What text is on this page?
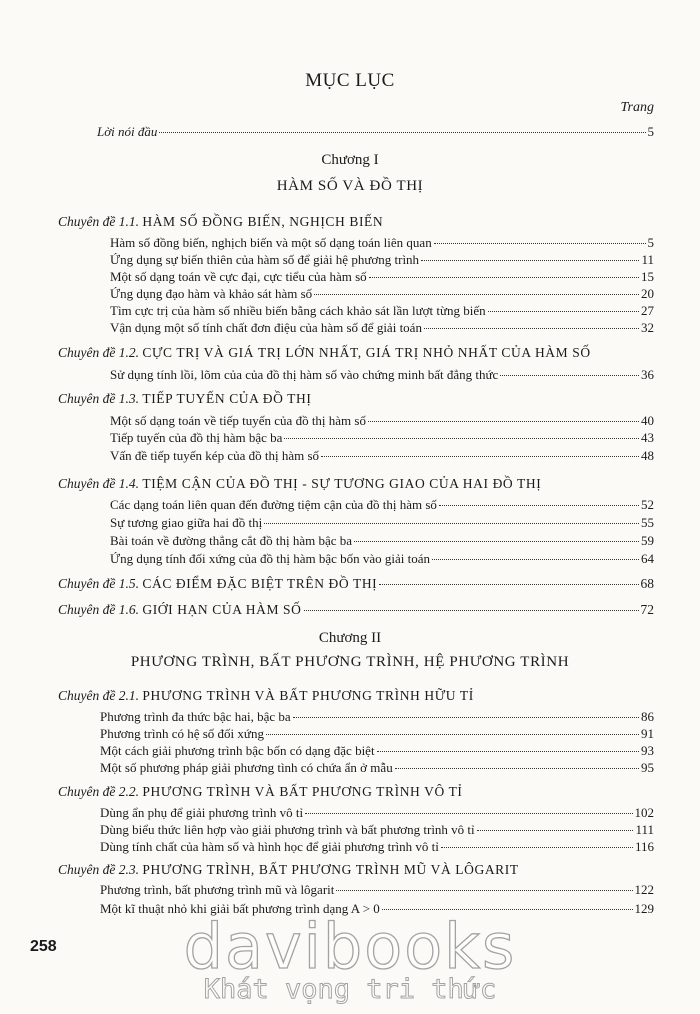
MỤC LỤC
Trang
Lời nói đầu	5
Chương I
HÀM SỐ VÀ ĐỒ THỊ
Chuyên đề 1.1. HÀM SỐ ĐỒNG BIẾN, NGHỊCH BIẾN
Hàm số đồng biến, nghịch biến và một số dạng toán liên quan	5
Ứng dụng sự biến thiên của hàm số để giải hệ phương trình	11
Một số dạng toán về cực đại, cực tiểu của hàm số	15
Ứng dụng đạo hàm và khảo sát hàm số	20
Tìm cực trị của hàm số nhiều biến bằng cách khảo sát lần lượt từng biến	27
Vận dụng một số tính chất đơn điệu của hàm số để giải toán	32
Chuyên đề 1.2. CỰC TRỊ VÀ GIÁ TRỊ LỚN NHẤT, GIÁ TRỊ NHỎ NHẤT CỦA HÀM SỐ
Sử dụng tính lồi, lõm của của đồ thị hàm số vào chứng minh bất đẳng thức	36
Chuyên đề 1.3. TIẾP TUYẾN CỦA ĐỒ THỊ
Một số dạng toán về tiếp tuyến của đồ thị hàm số	40
Tiếp tuyến của đồ thị hàm bậc ba	43
Vấn đề tiếp tuyến kép của đồ thị hàm số	48
Chuyên đề 1.4. TIỆM CẬN CỦA ĐỒ THỊ - SỰ TƯƠNG GIAO CỦA HAI ĐỒ THỊ
Các dạng toán liên quan đến đường tiệm cận của đồ thị hàm số	52
Sự tương giao giữa hai đồ thị	55
Bài toán về đường thẳng cắt đồ thị hàm bậc ba	59
Ứng dụng tính đối xứng của đồ thị hàm bậc bốn vào giải toán	64
Chuyên đề 1.5. CÁC ĐIỂM ĐẶC BIỆT TRÊN ĐỒ THỊ	68
Chuyên đề 1.6. GIỚI HẠN CỦA HÀM SỐ	72
Chương II
PHƯƠNG TRÌNH, BẤT PHƯƠNG TRÌNH, HỆ PHƯƠNG TRÌNH
Chuyên đề 2.1. PHƯƠNG TRÌNH VÀ BẤT PHƯƠNG TRÌNH HỮU TỈ
Phương trình đa thức bậc hai, bậc ba	86
Phương trình có hệ số đối xứng	91
Một cách giải phương trình bậc bốn có dạng đặc biệt	93
Một số phương pháp giải phương tình có chứa ẩn ở mẫu	95
Chuyên đề 2.2. PHƯƠNG TRÌNH VÀ BẤT PHƯƠNG TRÌNH VÔ TỈ
Dùng ẩn phụ để giải phương trình vô tỉ	102
Dùng biểu thức liên hợp vào giải phương trình và bất phương trình vô tỉ	111
Dùng tính chất của hàm số và hình học để giải phương trình vô tỉ	116
Chuyên đề 2.3. PHƯƠNG TRÌNH, BẤT PHƯƠNG TRÌNH MŨ VÀ LÔGARIT
Phương trình, bất phương trình mũ và lôgarit	122
Một kĩ thuật nhỏ khi giải bất phương trình dạng A > 0	129
258	davibooks
Khát vọng tri thức
